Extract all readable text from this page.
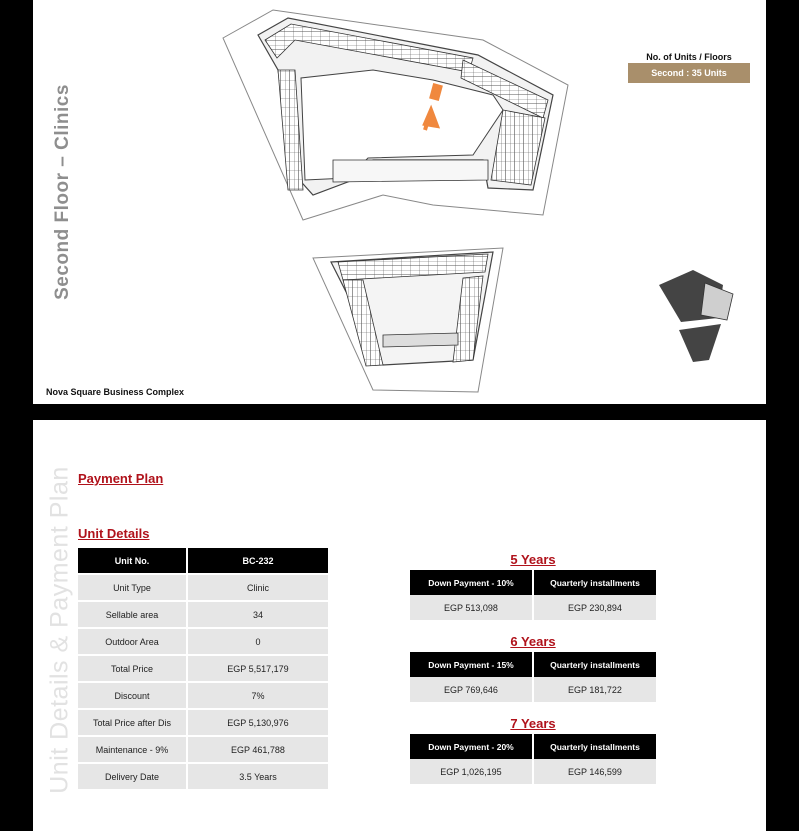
Second Floor – Clinics
No. of Units / Floors
Second : 35 Units
Nova Square Business Complex
Unit Details & Payment Plan Payment Plan
Unit Details
Unit No.	BC-232
Unit Type	Clinic
Sellable area	34
Outdoor Area	0
Total Price	EGP 5,517,179
Discount	7%
Total Price after Dis	EGP 5,130,976
Maintenance - 9%	EGP 461,788
Delivery Date	3.5 Years
5 Years
Down Payment - 10%	Quarterly installments
EGP 513,098	EGP 230,894
6 Years
Down Payment - 15%	Quarterly installments
EGP 769,646	EGP 181,722
7 Years
Down Payment - 20%	Quarterly installments
EGP 1,026,195	EGP 146,599
